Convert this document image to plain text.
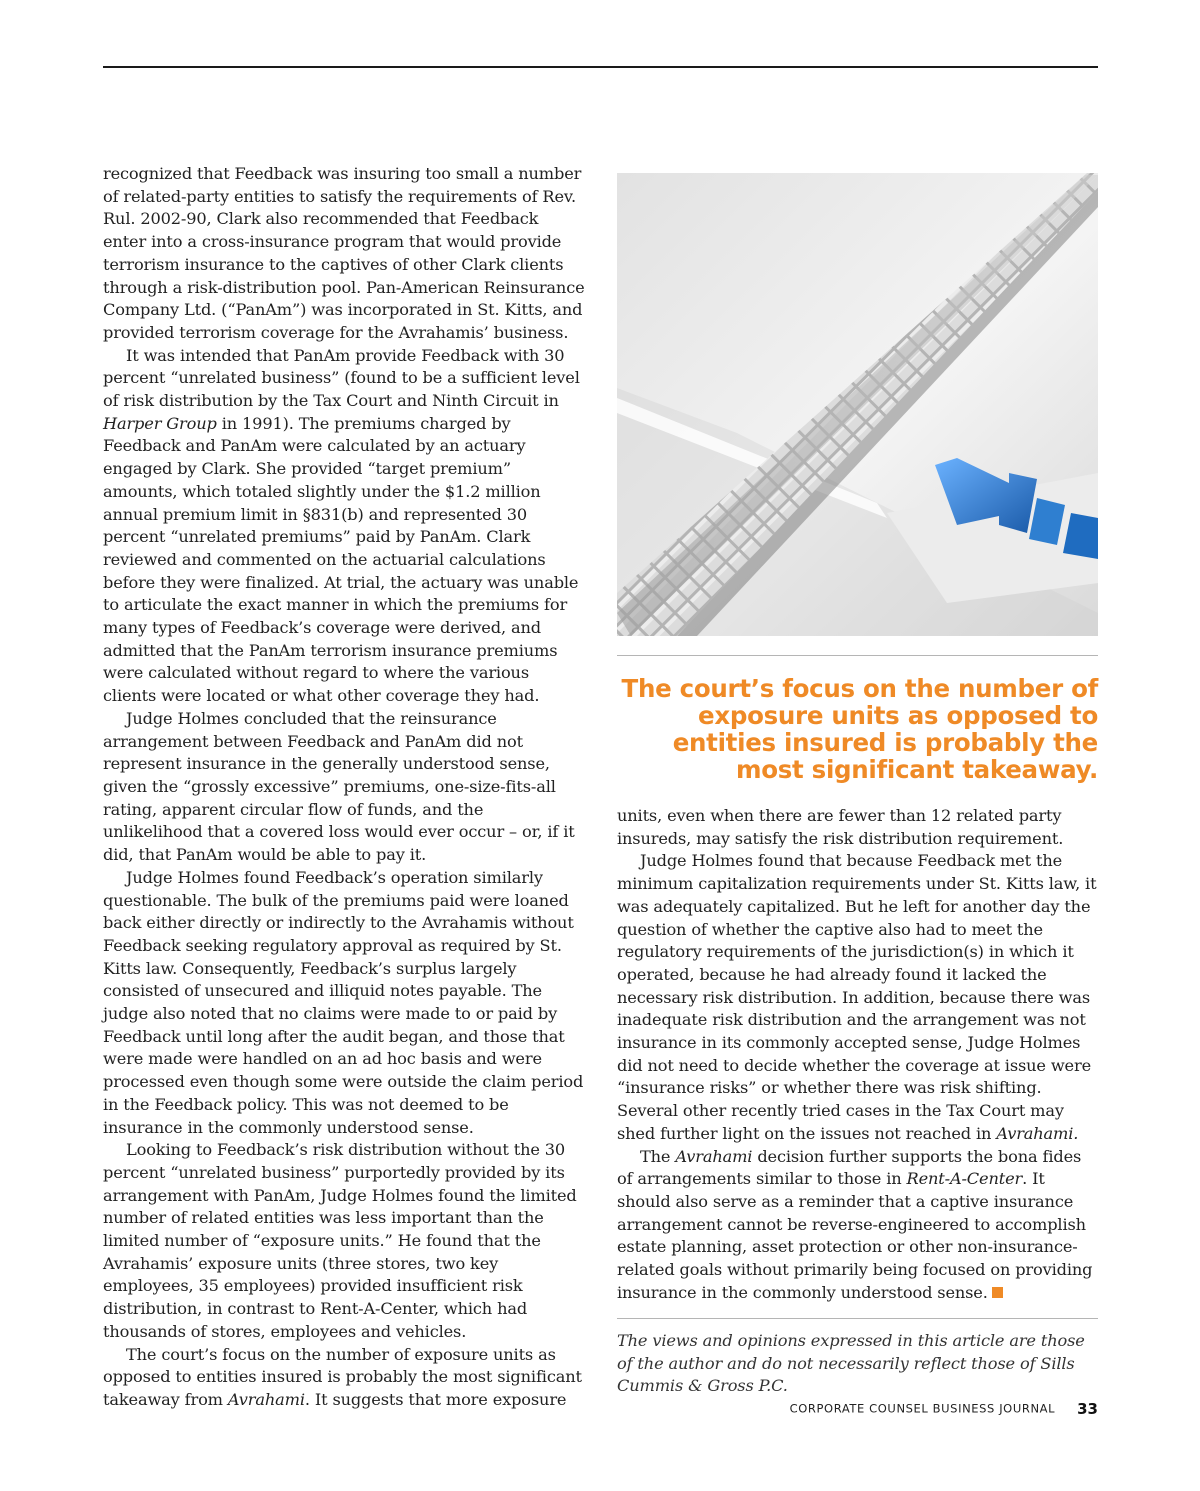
recognized that Feedback was insuring too small a number of related-party entities to satisfy the requirements of Rev. Rul. 2002-90, Clark also recommended that Feedback enter into a cross-insurance program that would provide terrorism insurance to the captives of other Clark clients through a risk-distribution pool. Pan-American Reinsurance Company Ltd. (“PanAm”) was incorporated in St. Kitts, and provided terrorism coverage for the Avrahamis’ business.

It was intended that PanAm provide Feedback with 30 percent “unrelated business” (found to be a sufficient level of risk distribution by the Tax Court and Ninth Circuit in Harper Group in 1991). The premiums charged by Feedback and PanAm were calculated by an actuary engaged by Clark. She provided “target premium” amounts, which totaled slightly under the $1.2 million annual premium limit in §831(b) and represented 30 percent “unrelated premiums” paid by PanAm. Clark reviewed and commented on the actuarial calculations before they were finalized. At trial, the actuary was unable to articulate the exact manner in which the premiums for many types of Feedback’s coverage were derived, and admitted that the PanAm terrorism insurance premiums were calculated without regard to where the various clients were located or what other coverage they had.

Judge Holmes concluded that the reinsurance arrangement between Feedback and PanAm did not represent insurance in the generally understood sense, given the “grossly excessive” premiums, one-size-fits-all rating, apparent circular flow of funds, and the unlikelihood that a covered loss would ever occur – or, if it did, that PanAm would be able to pay it.

Judge Holmes found Feedback’s operation similarly questionable. The bulk of the premiums paid were loaned back either directly or indirectly to the Avrahamis without Feedback seeking regulatory approval as required by St. Kitts law. Consequently, Feedback’s surplus largely consisted of unsecured and illiquid notes payable. The judge also noted that no claims were made to or paid by Feedback until long after the audit began, and those that were made were handled on an ad hoc basis and were processed even though some were outside the claim period in the Feedback policy. This was not deemed to be insurance in the commonly understood sense.

Looking to Feedback’s risk distribution without the 30 percent “unrelated business” purportedly provided by its arrangement with PanAm, Judge Holmes found the limited number of related entities was less important than the limited number of “exposure units.” He found that the Avrahamis’ exposure units (three stores, two key employees, 35 employees) provided insufficient risk distribution, in contrast to Rent-A-Center, which had thousands of stores, employees and vehicles.

The court’s focus on the number of exposure units as opposed to entities insured is probably the most significant takeaway from Avrahami. It suggests that more exposure

The court’s focus on the number of exposure units as opposed to entities insured is probably the most significant takeaway.

units, even when there are fewer than 12 related party insureds, may satisfy the risk distribution requirement.

Judge Holmes found that because Feedback met the minimum capitalization requirements under St. Kitts law, it was adequately capitalized. But he left for another day the question of whether the captive also had to meet the regulatory requirements of the jurisdiction(s) in which it operated, because he had already found it lacked the necessary risk distribution. In addition, because there was inadequate risk distribution and the arrangement was not insurance in its commonly accepted sense, Judge Holmes did not need to decide whether the coverage at issue were “insurance risks” or whether there was risk shifting. Several other recently tried cases in the Tax Court may shed further light on the issues not reached in Avrahami.

The Avrahami decision further supports the bona fides of arrangements similar to those in Rent-A-Center. It should also serve as a reminder that a captive insurance arrangement cannot be reverse-engineered to accomplish estate planning, asset protection or other non-insurance-related goals without primarily being focused on providing insurance in the commonly understood sense.

The views and opinions expressed in this article are those of the author and do not necessarily reflect those of Sills Cummis & Gross P.C.
CORPORATE COUNSEL BUSINESS JOURNAL 33
